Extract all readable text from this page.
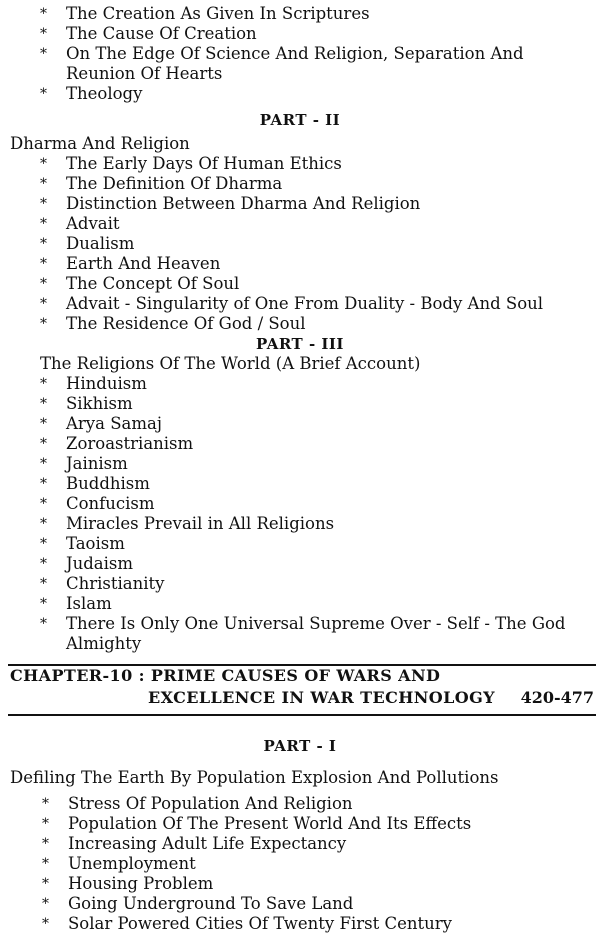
*	The Creation As Given In Scriptures
*	The Cause Of Creation
*	On The Edge Of Science And Religion, Separation And Reunion Of Hearts
*	Theology
PART - II
Dharma And Religion
*	The Early Days Of Human Ethics
*	The Definition Of Dharma
*	Distinction Between Dharma And Religion
*	Advait
*	Dualism
*	Earth And Heaven
*	The Concept Of Soul
*	Advait - Singularity of One From Duality - Body And Soul
*	The Residence Of God / Soul
PART - III
The Religions Of The World (A Brief Account)
*	Hinduism
*	Sikhism
*	Arya Samaj
*	Zoroastrianism
*	Jainism
*	Buddhism
*	Confucism
*	Miracles Prevail in All Religions
*	Taoism
*	Judaism
*	Christianity
*	Islam
*	There Is Only One Universal Supreme Over - Self - The God Almighty
CHAPTER-10 : PRIME CAUSES OF WARS AND
EXCELLENCE IN WAR TECHNOLOGY 420-477
PART - I
Defiling The Earth By Population Explosion And Pollutions
*	Stress Of Population And Religion
*	Population Of The Present World And Its Effects
*	Increasing Adult Life Expectancy
*	Unemployment
*	Housing Problem
*	Going Underground To Save Land
*	Solar Powered Cities Of Twenty First Century
